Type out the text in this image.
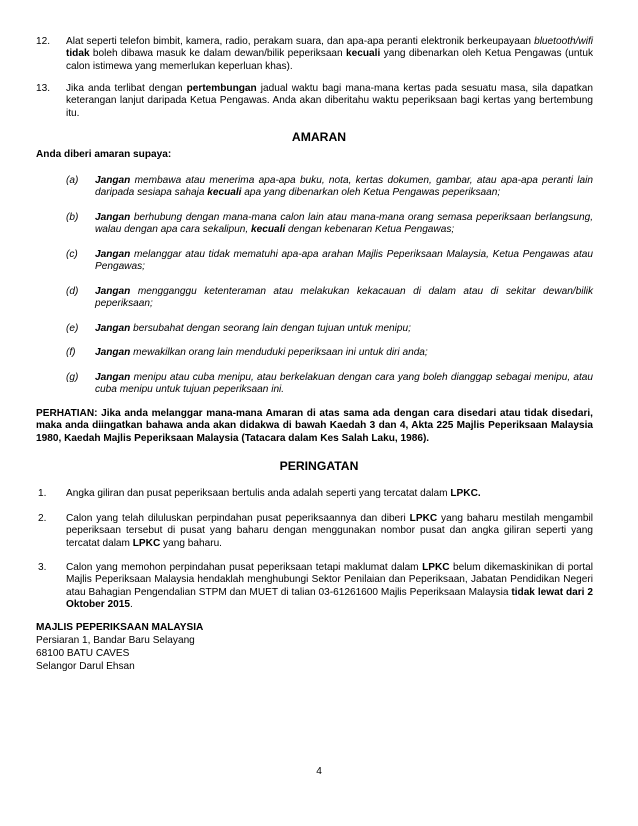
12. Alat seperti telefon bimbit, kamera, radio, perakam suara, dan apa-apa peranti elektronik berkeupayaan bluetooth/wifi tidak boleh dibawa masuk ke dalam dewan/bilik peperiksaan kecuali yang dibenarkan oleh Ketua Pengawas (untuk calon istimewa yang memerlukan keperluan khas).
13. Jika anda terlibat dengan pertembungan jadual waktu bagi mana-mana kertas pada sesuatu masa, sila dapatkan keterangan lanjut daripada Ketua Pengawas. Anda akan diberitahu waktu peperiksaan bagi kertas yang bertembung itu.
AMARAN
Anda diberi amaran supaya:
(a) Jangan membawa atau menerima apa-apa buku, nota, kertas dokumen, gambar, atau apa-apa peranti lain daripada sesiapa sahaja kecuali apa yang dibenarkan oleh Ketua Pengawas peperiksaan;
(b) Jangan berhubung dengan mana-mana calon lain atau mana-mana orang semasa peperiksaan berlangsung, walau dengan apa cara sekalipun, kecuali dengan kebenaran Ketua Pengawas;
(c) Jangan melanggar atau tidak mematuhi apa-apa arahan Majlis Peperiksaan Malaysia, Ketua Pengawas atau Pengawas;
(d) Jangan mengganggu ketenteraman atau melakukan kekacauan di dalam atau di sekitar dewan/bilik peperiksaan;
(e) Jangan bersubahat dengan seorang lain dengan tujuan untuk menipu;
(f) Jangan mewakilkan orang lain menduduki peperiksaan ini untuk diri anda;
(g) Jangan menipu atau cuba menipu, atau berkelakuan dengan cara yang boleh dianggap sebagai menipu, atau cuba menipu untuk tujuan peperiksaan ini.
PERHATIAN: Jika anda melanggar mana-mana Amaran di atas sama ada dengan cara disedari atau tidak disedari, maka anda diingatkan bahawa anda akan didakwa di bawah Kaedah 3 dan 4, Akta 225 Majlis Peperiksaan Malaysia 1980, Kaedah Majlis Peperiksaan Malaysia (Tatacara dalam Kes Salah Laku, 1986).
PERINGATAN
1. Angka giliran dan pusat peperiksaan bertulis anda adalah seperti yang tercatat dalam LPKC.
2. Calon yang telah diluluskan perpindahan pusat peperiksaannya dan diberi LPKC yang baharu mestilah mengambil peperiksaan tersebut di pusat yang baharu dengan menggunakan nombor pusat dan angka giliran seperti yang tercatat dalam LPKC yang baharu.
3. Calon yang memohon perpindahan pusat peperiksaan tetapi maklumat dalam LPKC belum dikemaskinikan di portal Majlis Peperiksaan Malaysia hendaklah menghubungi Sektor Penilaian dan Peperiksaan, Jabatan Pendidikan Negeri atau Bahagian Pengendalian STPM dan MUET di talian 03-61261600 Majlis Peperiksaan Malaysia tidak lewat dari 2 Oktober 2015.
MAJLIS PEPERIKSAAN MALAYSIA
Persiaran 1, Bandar Baru Selayang
68100 BATU CAVES
Selangor Darul Ehsan
4
